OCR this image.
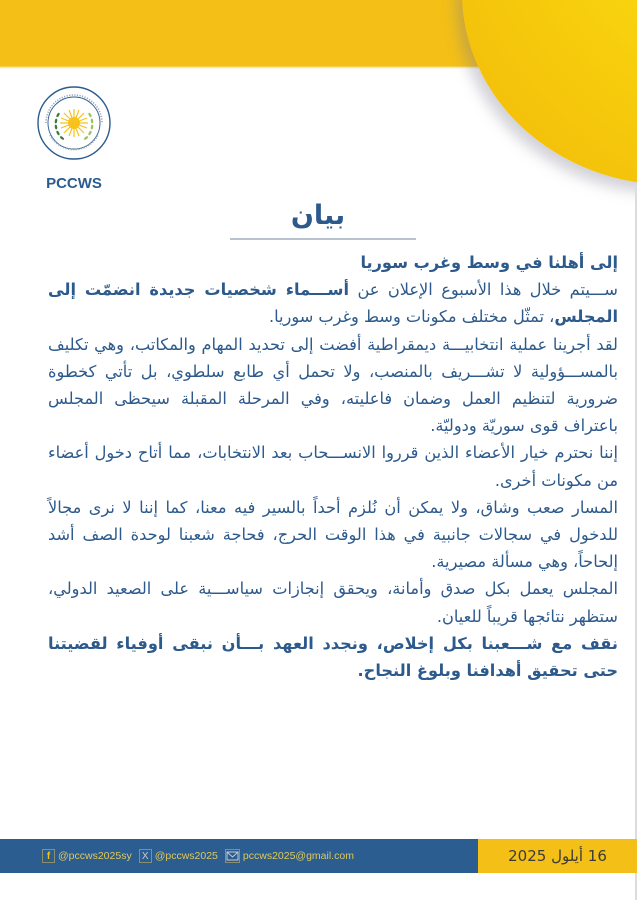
PCCWS
بيان

إلى أهلنا في وسط وغرب سوريا

ســـيتم خلال هذا الأسبوع الإعلان عن أســـماء شخصيات جديدة انضمّت إلى المجلس، تمثّل مختلف مكونات وسط وغرب سوريا.

لقد أجرينا عملية انتخابيـــة ديمقراطية أفضت إلى تحديد المهام والمكاتب، وهي تكليف بالمســـؤولية لا تشـــريف بالمنصب، ولا تحمل أي طابع سلطوي، بل تأتي كخطوة ضرورية لتنظيم العمل وضمان فاعليته، وفي المرحلة المقبلة سيحظى المجلس باعتراف قوى سوريّة ودوليّة.

إننا نحترم خيار الأعضاء الذين قرروا الانســـحاب بعد الانتخابات، مما أتاح دخول أعضاء من مكونات أخرى.

المسار صعب وشاق، ولا يمكن أن نُلزم أحداً بالسير فيه معنا، كما إننا لا نرى مجالاً للدخول في سجالات جانبية في هذا الوقت الحرج، فحاجة شعبنا لوحدة الصف أشد إلحاحاً، وهي مسألة مصيرية.

المجلس يعمل بكل صدق وأمانة، ويحقق إنجازات سياســـية على الصعيد الدولي، ستظهر نتائجها قريباً للعيان.

نقف مع شـــعبنا بكل إخلاص، ونجدد العهد بـــأن نبقى أوفياء لقضيتنا حتى تحقيق أهدافنا وبلوغ النجاح.

16 أيلول 2025
f @pccws2025sy	X @pccws2025 pccws2025@gmail.com
